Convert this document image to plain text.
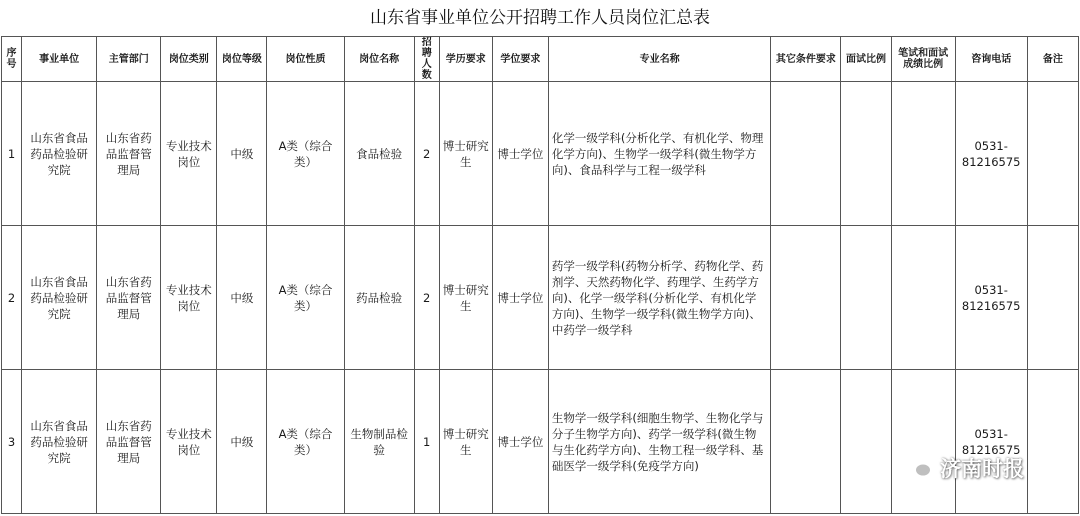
山东省事业单位公开招聘工作人员岗位汇总表
序号	事业单位	主管部门	岗位类别	岗位等级	岗位性质	岗位名称	招聘人数	学历要求	学位要求	专业名称	其它条件要求	面试比例	笔试和面试成绩比例	咨询电话	备注
1	山东省食品药品检验研究院	山东省药品监督管理局	专业技术岗位	中级	A类（综合类）	食品检验	2	博士研究生	博士学位	化学一级学科(分析化学、有机化学、物理化学方向)、生物学一级学科(微生物学方向)、食品科学与工程一级学科				0531-81216575	
2	山东省食品药品检验研究院	山东省药品监督管理局	专业技术岗位	中级	A类（综合类）	药品检验	2	博士研究生	博士学位	药学一级学科(药物分析学、药物化学、药剂学、天然药物化学、药理学、生药学方向)、化学一级学科(分析化学、有机化学方向)、生物学一级学科(微生物学方向)、中药学一级学科				0531-81216575	
3	山东省食品药品检验研究院	山东省药品监督管理局	专业技术岗位	中级	A类（综合类）	生物制品检验	1	博士研究生	博士学位	生物学一级学科(细胞生物学、生物化学与分子生物学方向)、药学一级学科(微生物与生化药学方向)、生物工程一级学科、基础医学一级学科(免疫学方向)				0531-81216575	
济南时报
